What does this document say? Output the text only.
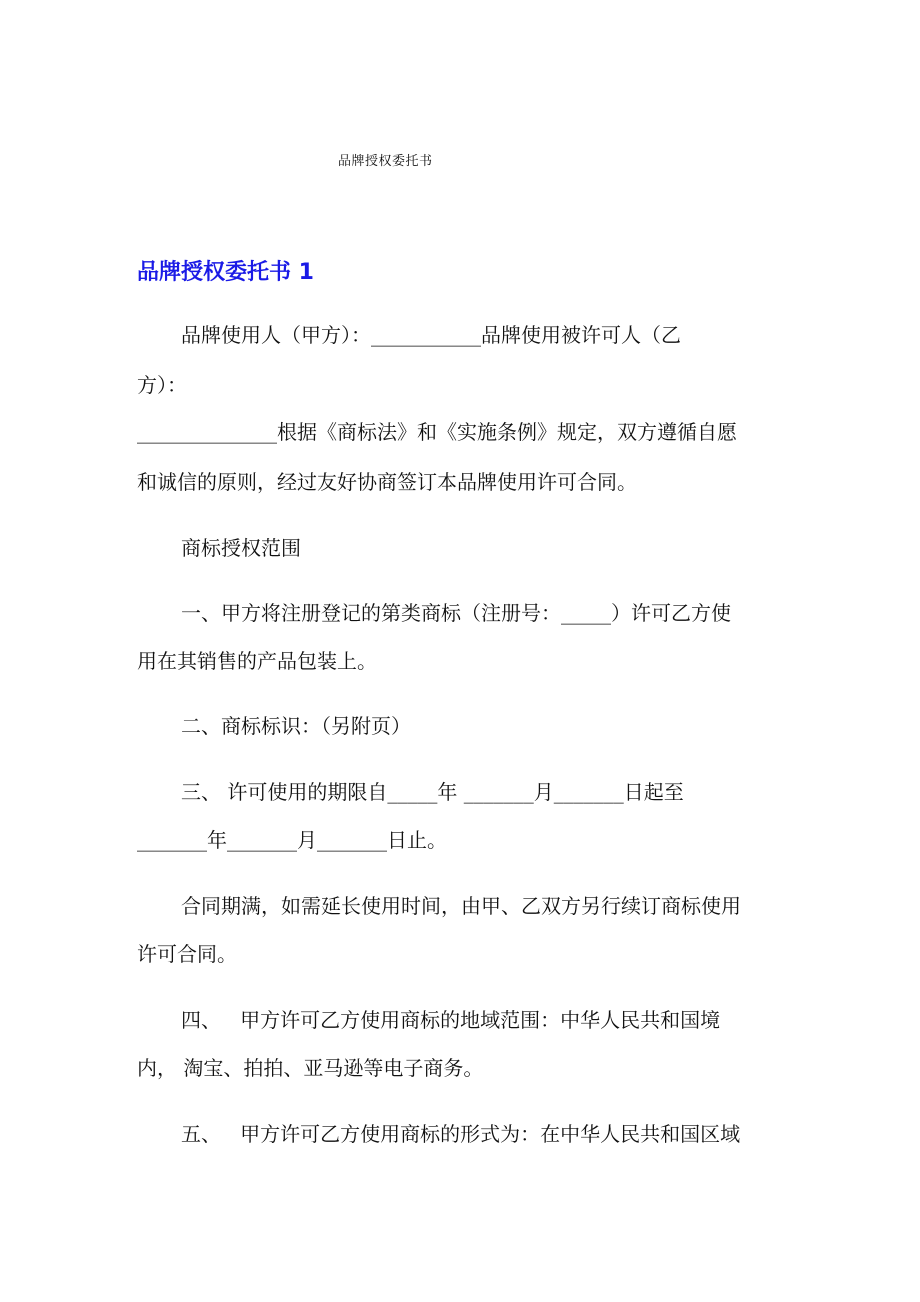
品牌授权委托书
品牌授权委托书 1
品牌使用人（甲方）：___________品牌使用被许可人（乙
方）：
______________根据《商标法》和《实施条例》规定，双方遵循自愿
和诚信的原则，经过友好协商签订本品牌使用许可合同。
商标授权范围
一、甲方将注册登记的第类商标（注册号：_____）许可乙方使
用在其销售的产品包装上。
二、商标标识：（另附页）
三、 许可使用的期限自_____年 _______月_______日起至
_______年_______月_______日止。
合同期满，如需延长使用时间，由甲、乙双方另行续订商标使用
许可合同。
四、   甲方许可乙方使用商标的地域范围：中华人民共和国境
内， 淘宝、拍拍、亚马逊等电子商务。
五、   甲方许可乙方使用商标的形式为：在中华人民共和国区域
